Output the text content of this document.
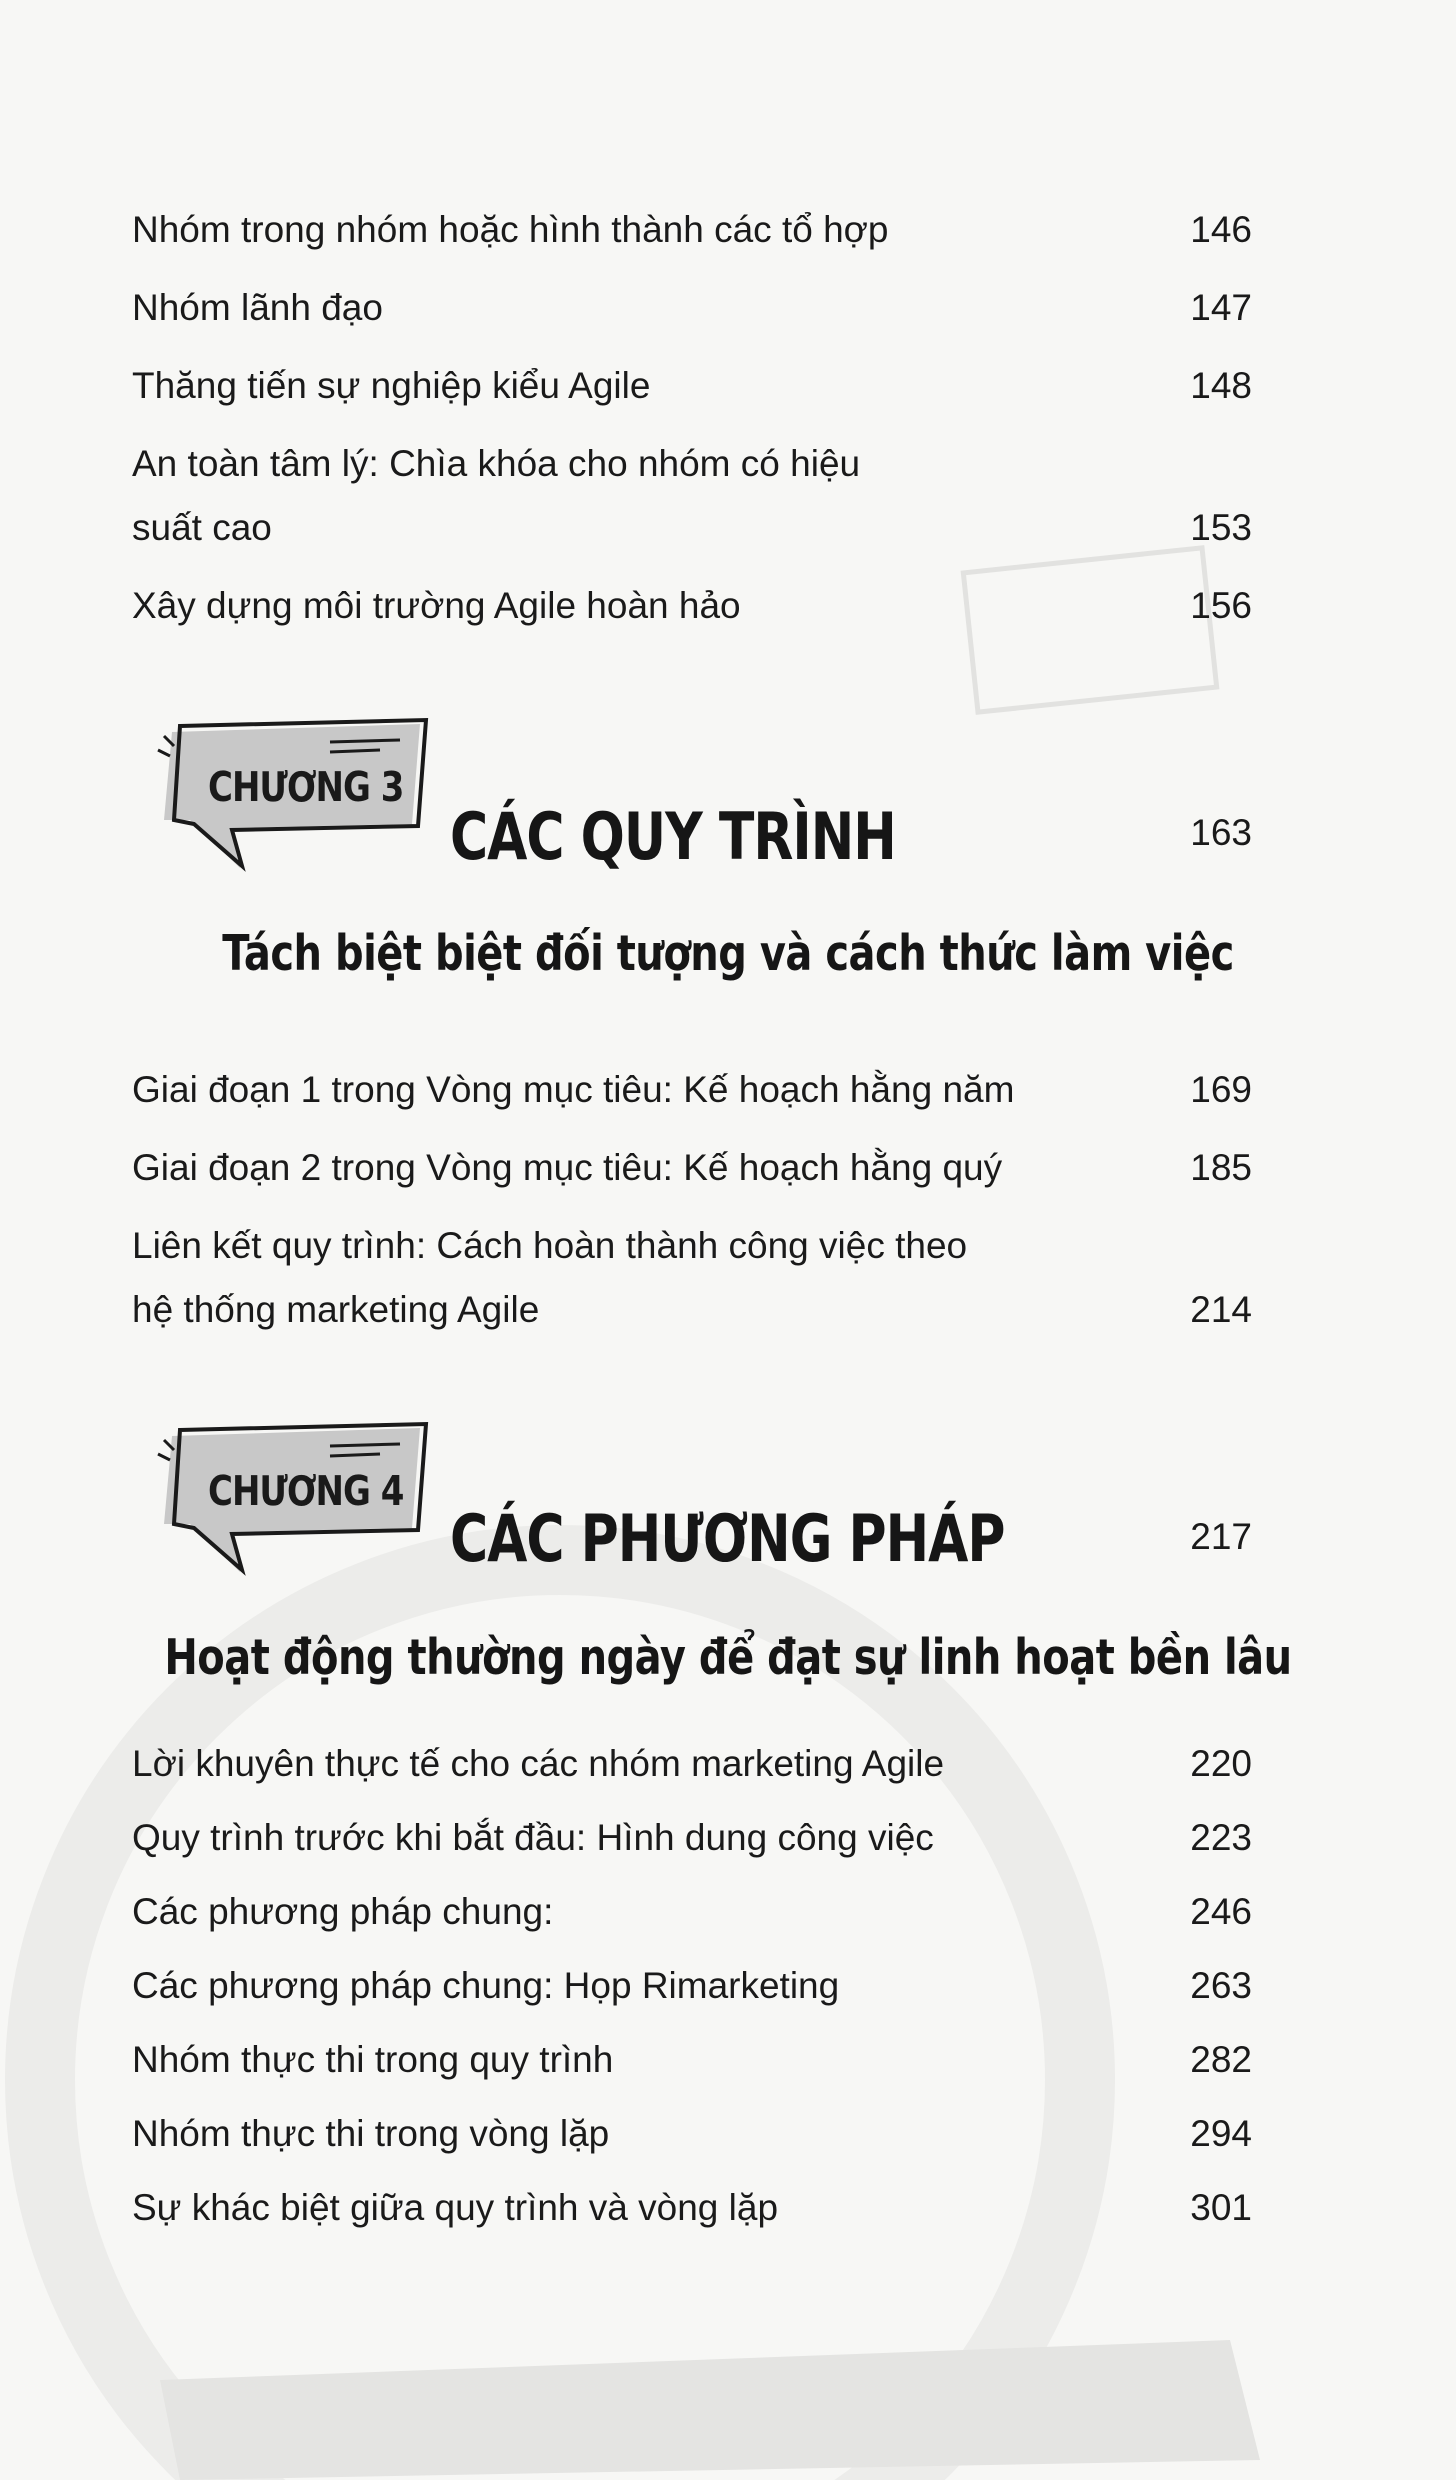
Nhóm trong nhóm hoặc hình thành các tổ hợp	146
Nhóm lãnh đạo	147
Thăng tiến sự nghiệp kiểu Agile	148
An toàn tâm lý: Chìa khóa cho nhóm có hiệu
suất cao	153
Xây dựng môi trường Agile hoàn hảo	156
CHƯƠNG 3
CÁC QUY TRÌNH	163
Tách biệt biệt đối tượng và cách thức làm việc
Giai đoạn 1 trong Vòng mục tiêu: Kế hoạch hằng năm	169
Giai đoạn 2 trong Vòng mục tiêu: Kế hoạch hằng quý	185
Liên kết quy trình: Cách hoàn thành công việc theo
hệ thống marketing Agile	214
CHƯƠNG 4
CÁC PHƯƠNG PHÁP	217
Hoạt động thường ngày để đạt sự linh hoạt bền lâu
Lời khuyên thực tế cho các nhóm marketing Agile	220
Quy trình trước khi bắt đầu: Hình dung công việc	223
Các phương pháp chung:	246
Các phương pháp chung: Họp Rimarketing	263
Nhóm thực thi trong quy trình	282
Nhóm thực thi trong vòng lặp	294
Sự khác biệt giữa quy trình và vòng lặp	301
